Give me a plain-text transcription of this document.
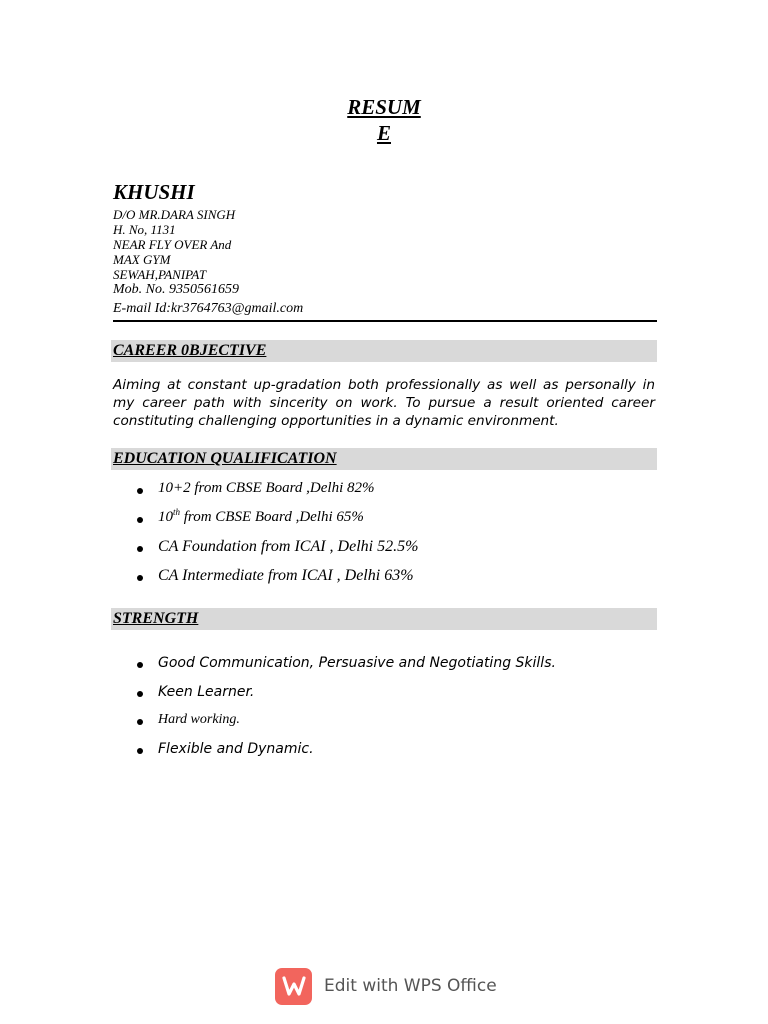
RESUM
E
KHUSHI
D/O MR.DARA SINGH
H. No, 1131
NEAR FLY OVER And
MAX GYM
SEWAH,PANIPAT
Mob. No. 9350561659
E-mail Id:kr3764763@gmail.com
CAREER 0BJECTIVE
Aiming at constant up-gradation both professionally as well as personally in my career path with sincerity on work. To pursue a result oriented career constituting challenging opportunities in a dynamic environment.
EDUCATION QUALIFICATION
10+2 from CBSE Board ,Delhi 82%
10th from CBSE Board ,Delhi 65%
CA Foundation from ICAI , Delhi 52.5%
CA Intermediate from ICAI , Delhi 63%
STRENGTH
Good Communication, Persuasive and Negotiating Skills.
Keen Learner.
Hard working.
Flexible and Dynamic.
Edit with WPS Office
